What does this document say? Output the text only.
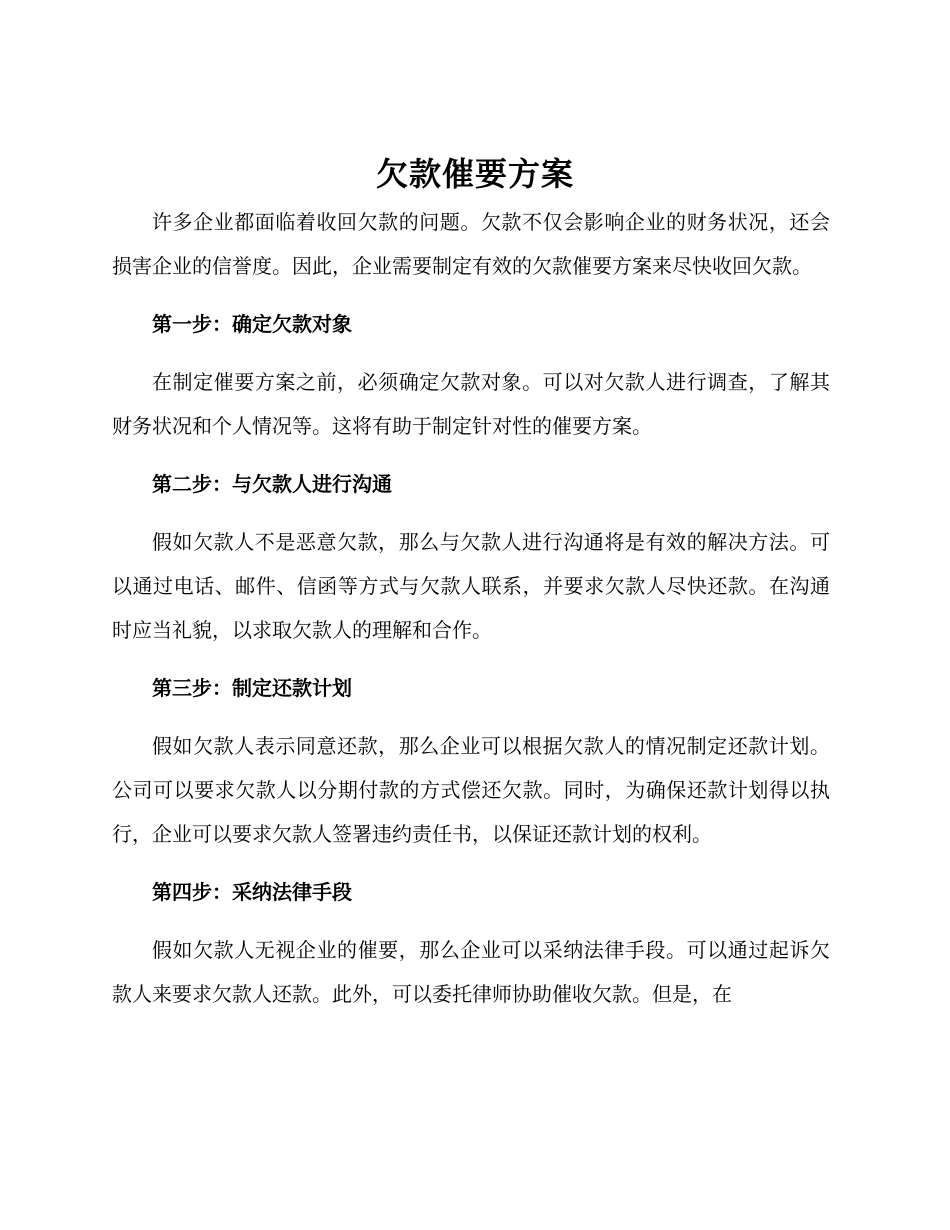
欠款催要方案

许多企业都面临着收回欠款的问题。欠款不仅会影响企业的财务状况，还会损害企业的信誉度。因此，企业需要制定有效的欠款催要方案来尽快收回欠款。

第一步：确定欠款对象

在制定催要方案之前，必须确定欠款对象。可以对欠款人进行调查，了解其财务状况和个人情况等。这将有助于制定针对性的催要方案。

第二步：与欠款人进行沟通

假如欠款人不是恶意欠款，那么与欠款人进行沟通将是有效的解决方法。可以通过电话、邮件、信函等方式与欠款人联系，并要求欠款人尽快还款。在沟通时应当礼貌，以求取欠款人的理解和合作。

第三步：制定还款计划

假如欠款人表示同意还款，那么企业可以根据欠款人的情况制定还款计划。公司可以要求欠款人以分期付款的方式偿还欠款。同时，为确保还款计划得以执行，企业可以要求欠款人签署违约责任书，以保证还款计划的权利。

第四步：采纳法律手段

假如欠款人无视企业的催要，那么企业可以采纳法律手段。可以通过起诉欠款人来要求欠款人还款。此外，可以委托律师协助催收欠款。但是，在
